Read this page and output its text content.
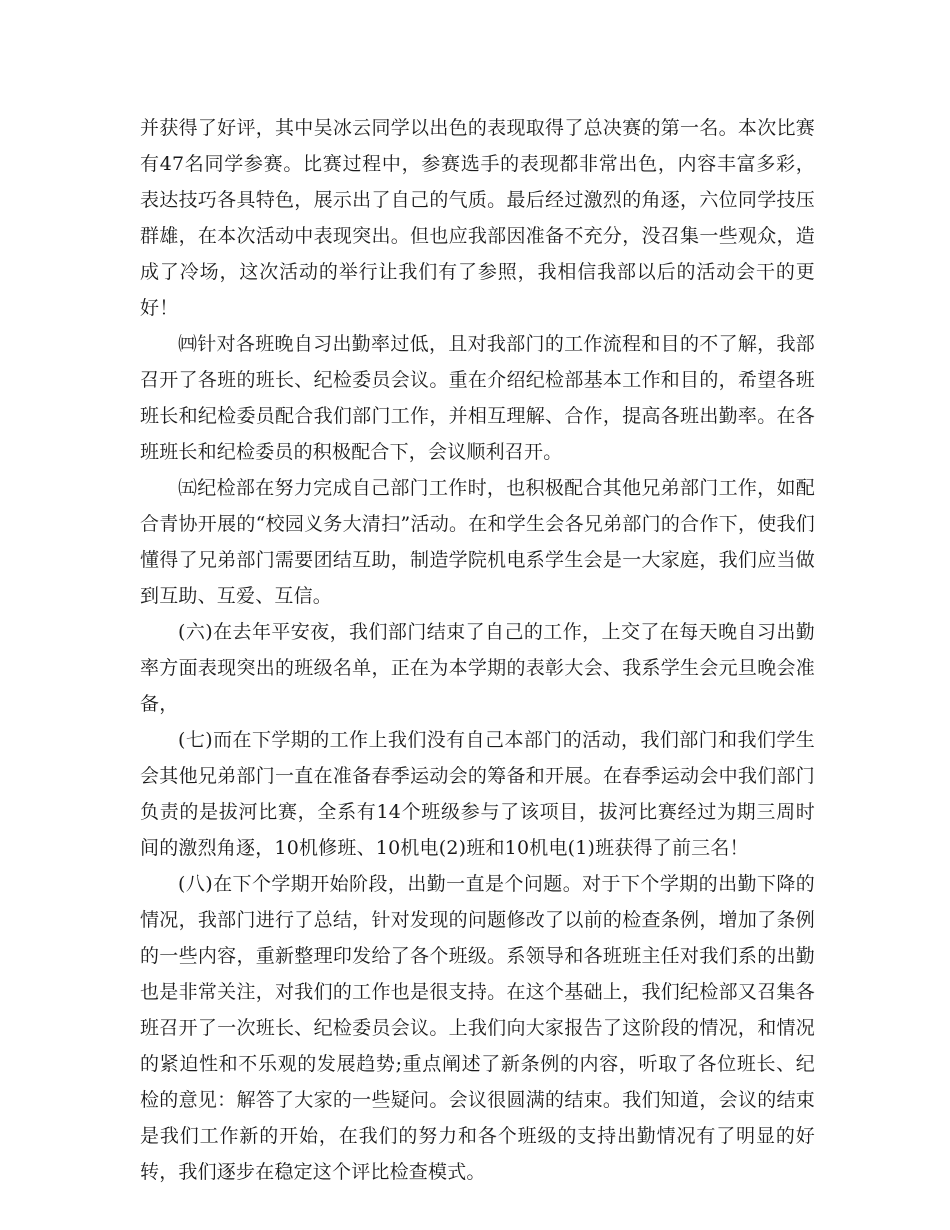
并获得了好评，其中吴冰云同学以出色的表现取得了总决赛的第一名。本次比赛有47名同学参赛。比赛过程中，参赛选手的表现都非常出色，内容丰富多彩，表达技巧各具特色，展示出了自己的气质。最后经过激烈的角逐，六位同学技压群雄，在本次活动中表现突出。但也应我部因准备不充分，没召集一些观众，造成了冷场，这次活动的举行让我们有了参照，我相信我部以后的活动会干的更好！

㈣针对各班晚自习出勤率过低，且对我部门的工作流程和目的不了解，我部召开了各班的班长、纪检委员会议。重在介绍纪检部基本工作和目的，希望各班班长和纪检委员配合我们部门工作，并相互理解、合作，提高各班出勤率。在各班班长和纪检委员的积极配合下，会议顺利召开。

㈤纪检部在努力完成自己部门工作时，也积极配合其他兄弟部门工作，如配合青协开展的“校园义务大清扫”活动。在和学生会各兄弟部门的合作下，使我们懂得了兄弟部门需要团结互助，制造学院机电系学生会是一大家庭，我们应当做到互助、互爱、互信。

(六)在去年平安夜，我们部门结束了自己的工作，上交了在每天晚自习出勤率方面表现突出的班级名单，正在为本学期的表彰大会、我系学生会元旦晚会准备，

(七)而在下学期的工作上我们没有自己本部门的活动，我们部门和我们学生会其他兄弟部门一直在准备春季运动会的筹备和开展。在春季运动会中我们部门负责的是拔河比赛，全系有14个班级参与了该项目，拔河比赛经过为期三周时间的激烈角逐，10机修班、10机电(2)班和10机电(1)班获得了前三名！

(八)在下个学期开始阶段，出勤一直是个问题。对于下个学期的出勤下降的情况，我部门进行了总结，针对发现的问题修改了以前的检查条例，增加了条例的一些内容，重新整理印发给了各个班级。系领导和各班班主任对我们系的出勤也是非常关注，对我们的工作也是很支持。在这个基础上，我们纪检部又召集各班召开了一次班长、纪检委员会议。上我们向大家报告了这阶段的情况，和情况的紧迫性和不乐观的发展趋势;重点阐述了新条例的内容，听取了各位班长、纪检的意见：解答了大家的一些疑问。会议很圆满的结束。我们知道，会议的结束是我们工作新的开始，在我们的努力和各个班级的支持出勤情况有了明显的好转，我们逐步在稳定这个评比检查模式。
